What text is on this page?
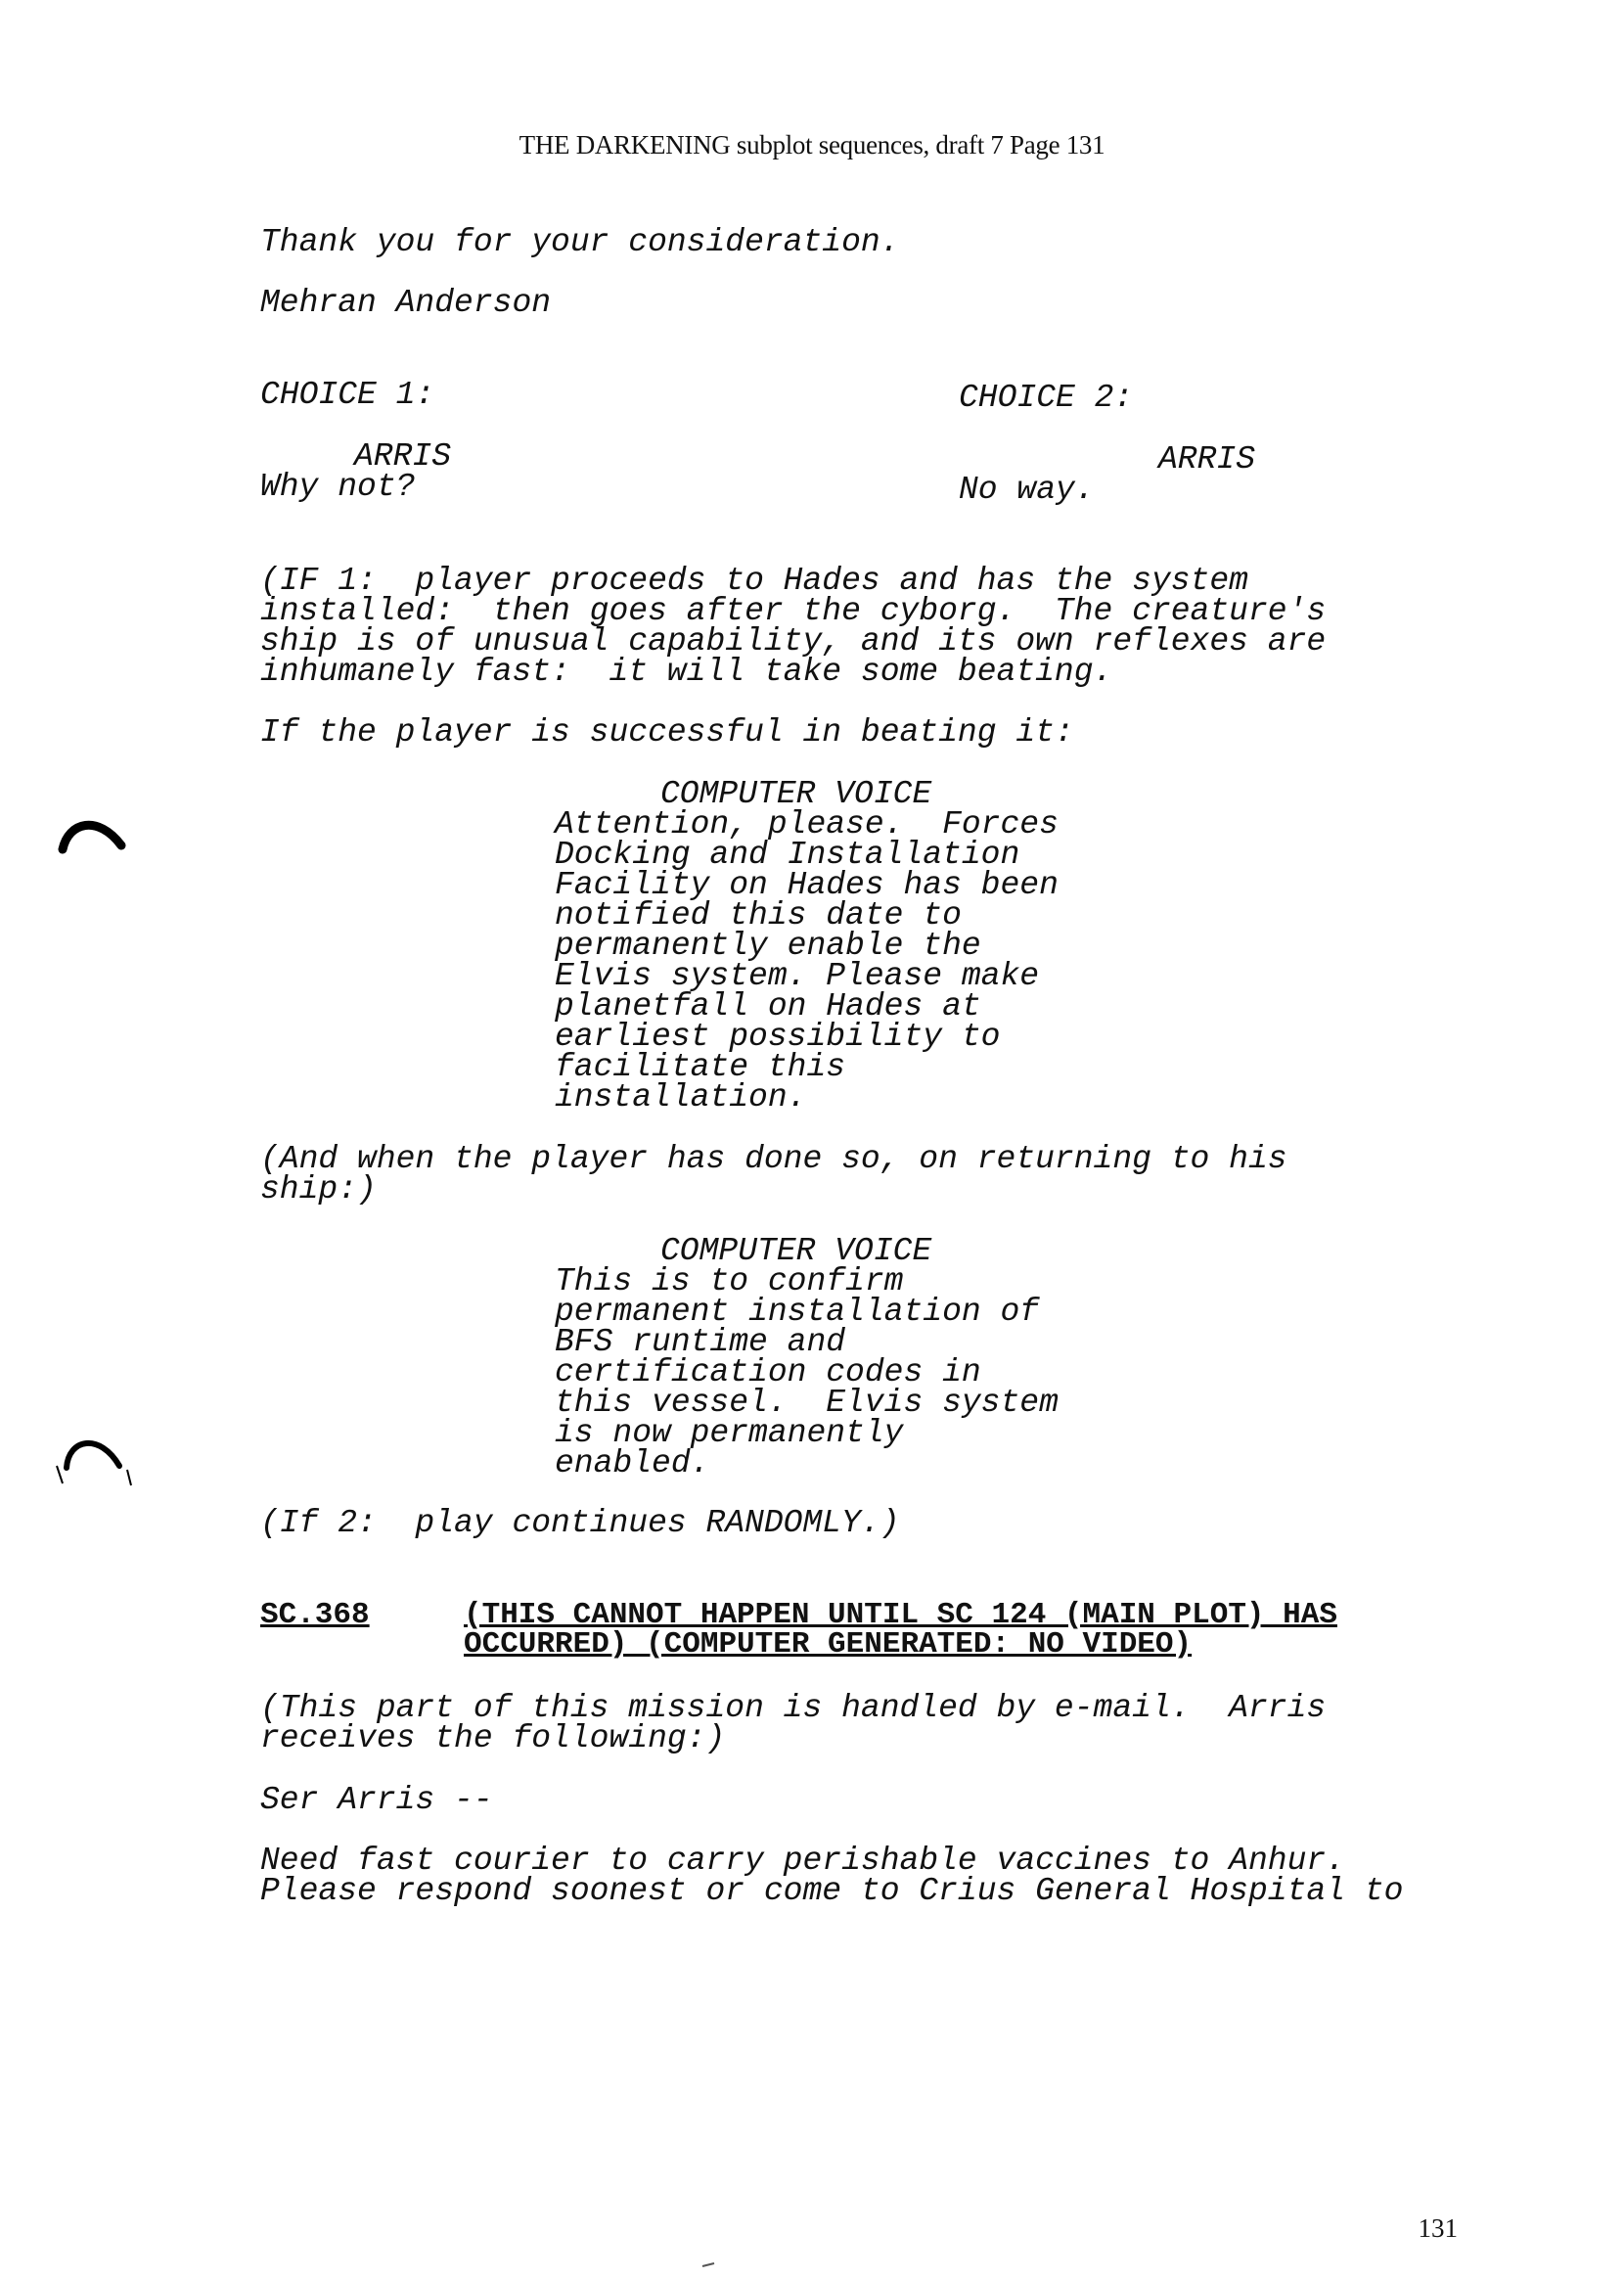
THE DARKENING subplot sequences, draft 7 Page 131
Thank you for your consideration.
Mehran Anderson
CHOICE 1:
ARRIS
Why not?
CHOICE 2:
ARRIS
No way.
(IF 1:  player proceeds to Hades and has the system
installed:  then goes after the cyborg.  The creature's
ship is of unusual capability, and its own reflexes are
inhumanely fast:  it will take some beating.
If the player is successful in beating it:
COMPUTER VOICE
Attention, please.  Forces
Docking and Installation
Facility on Hades has been
notified this date to
permanently enable the
Elvis system. Please make
planetfall on Hades at
earliest possibility to
facilitate this
installation.
(And when the player has done so, on returning to his
ship:)
COMPUTER VOICE
This is to confirm
permanent installation of
BFS runtime and
certification codes in
this vessel.  Elvis system
is now permanently
enabled.
(If 2:  play continues RANDOMLY.)
SC.368	(THIS CANNOT HAPPEN UNTIL SC 124 (MAIN PLOT) HAS
OCCURRED) (COMPUTER GENERATED: NO VIDEO)
(This part of this mission is handled by e-mail.  Arris
receives the following:)
Ser Arris --
Need fast courier to carry perishable vaccines to Anhur.
Please respond soonest or come to Crius General Hospital to
131
